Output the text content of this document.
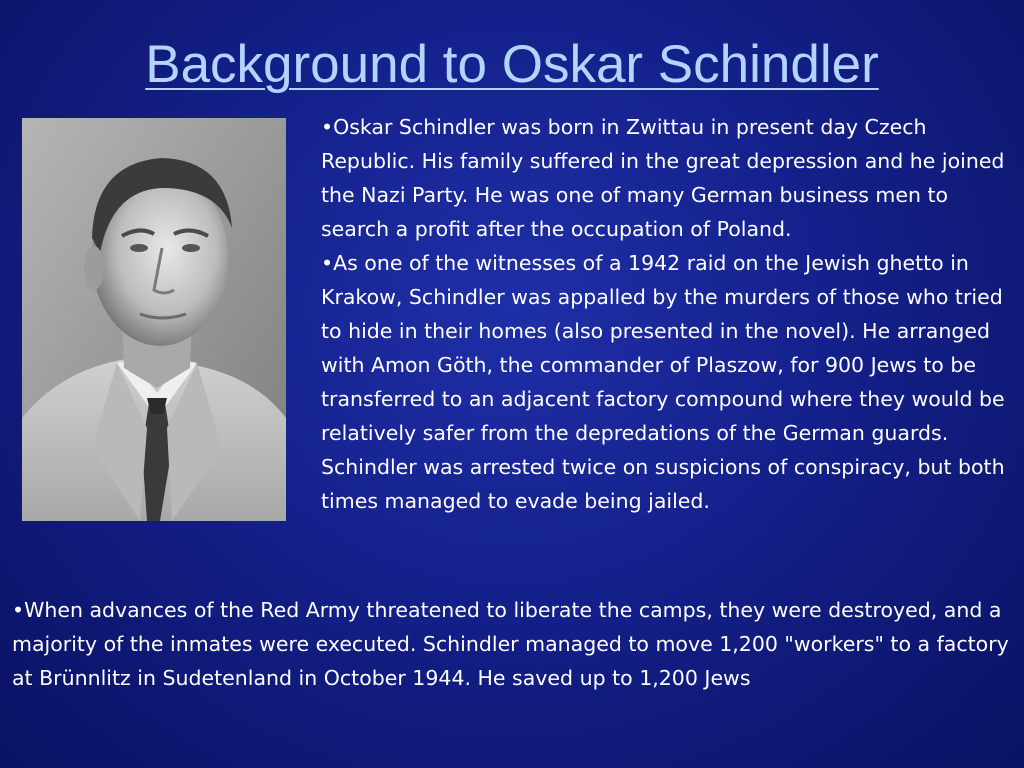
Background to Oskar Schindler

•Oskar Schindler was born in Zwittau in present day Czech Republic. His family suffered in the great depression and he joined the Nazi Party. He was one of many German business men to search a profit after the occupation of Poland.

•As one of the witnesses of a 1942 raid on the Jewish ghetto in Krakow, Schindler was appalled by the murders of those who tried to hide in their homes (also presented in the novel). He arranged with Amon Göth, the commander of Plaszow, for 900 Jews to be transferred to an adjacent factory compound where they would be relatively safer from the depredations of the German guards. Schindler was arrested twice on suspicions of conspiracy, but both times managed to evade being jailed.

•When advances of the Red Army threatened to liberate the camps, they were destroyed, and a majority of the inmates were executed. Schindler managed to move 1,200 "workers" to a factory at Brünnlitz in Sudetenland in October 1944. He saved up to 1,200 Jews
